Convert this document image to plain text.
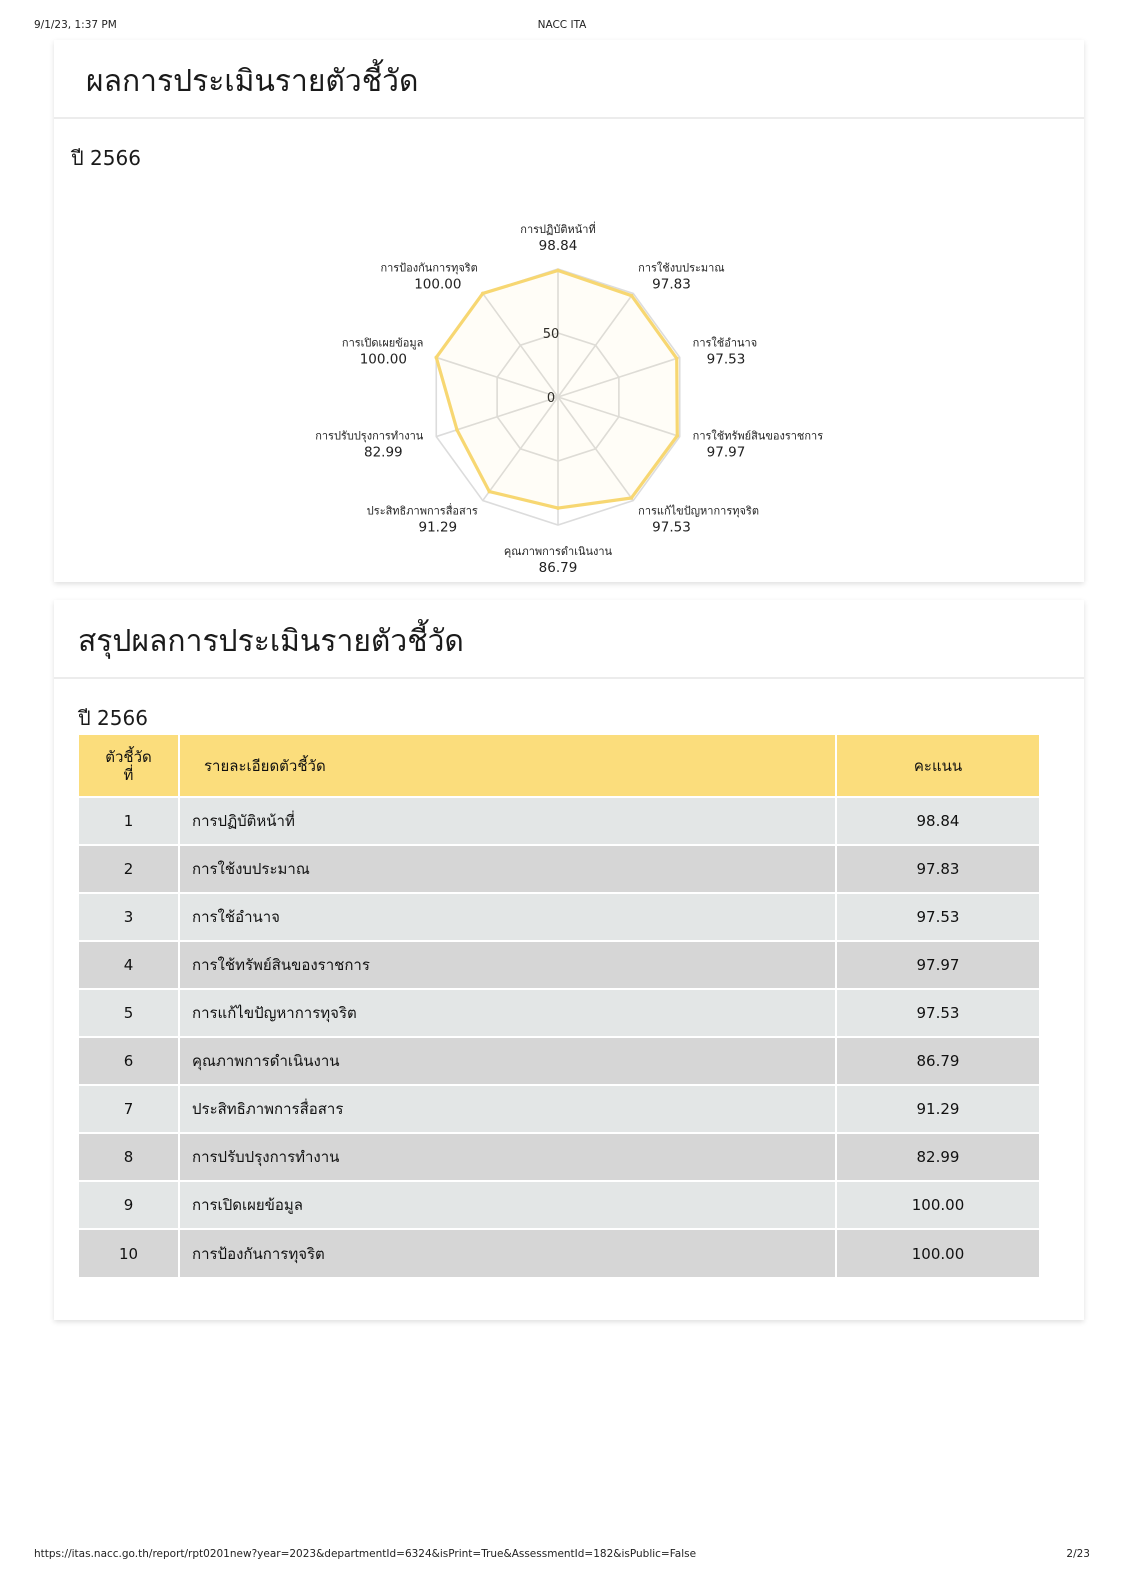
9/1/23, 1:37 PM	NACC ITA
ผลการประเมินรายตัวชี้วัด
ปี 2566
การปฏิบัติหน้าที่
98.84
การใช้งบประมาณ
97.83
การใช้อำนาจ
97.53
การใช้ทรัพย์สินของราชการ
97.97
การแก้ไขปัญหาการทุจริต
97.53
คุณภาพการดำเนินงาน
86.79
ประสิทธิภาพการสื่อสาร
91.29
การปรับปรุงการทำงาน
82.99
การเปิดเผยข้อมูล
100.00
การป้องกันการทุจริต
100.00
สรุปผลการประเมินรายตัวชี้วัด
ปี 2566
ตัวชี้วัด
ที่	รายละเอียดตัวชี้วัด	คะแนน
1	การปฏิบัติหน้าที่	98.84
2	การใช้งบประมาณ	97.83
3	การใช้อำนาจ	97.53
4	การใช้ทรัพย์สินของราชการ	97.97
5	การแก้ไขปัญหาการทุจริต	97.53
6	คุณภาพการดำเนินงาน	86.79
7	ประสิทธิภาพการสื่อสาร	91.29
8	การปรับปรุงการทำงาน	82.99
9	การเปิดเผยข้อมูล	100.00
10	การป้องกันการทุจริต	100.00
https://itas.nacc.go.th/report/rpt0201new?year=2023&departmentId=6324&isPrint=True&AssessmentId=182&isPublic=False	2/23
